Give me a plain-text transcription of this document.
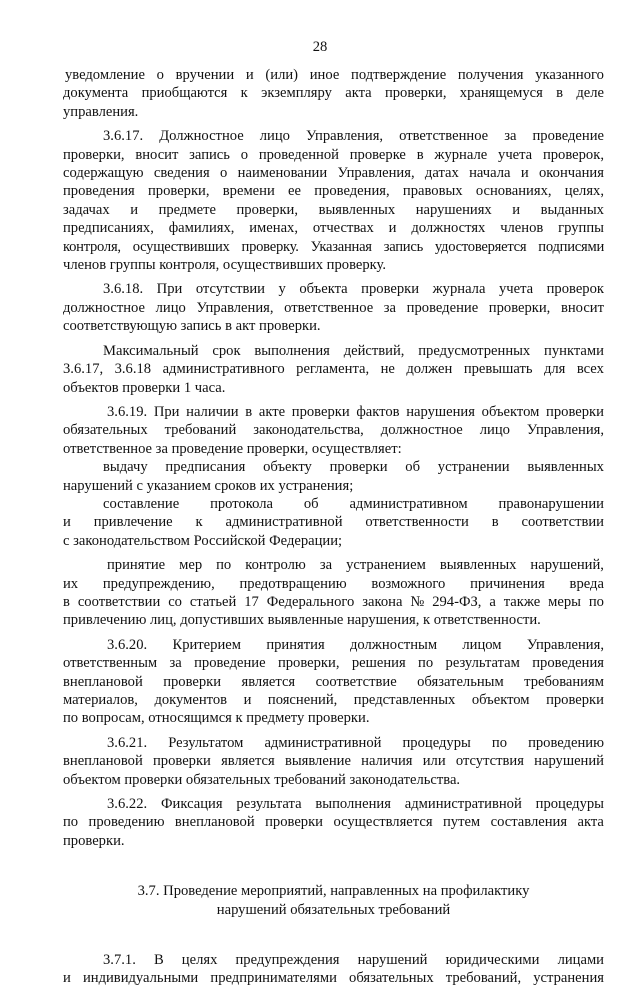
28
уведомление о вручении и (или) иное подтверждение получения указанного
документа приобщаются к экземпляру акта проверки, хранящемуся в деле
управления.
3.6.17. Должностное лицо Управления, ответственное за проведение
проверки, вносит запись о проведенной проверке в журнале учета проверок,
содержащую сведения о наименовании Управления, датах начала и окончания
проведения проверки, времени ее проведения, правовых основаниях, целях,
задачах и предмете проверки, выявленных нарушениях и выданных
предписаниях, фамилиях, именах, отчествах и должностях членов группы
контроля, осуществивших проверку. Указанная запись удостоверяется подписями
членов группы контроля, осуществивших проверку.
3.6.18. При отсутствии у объекта проверки журнала учета проверок
должностное лицо Управления, ответственное за проведение проверки, вносит
соответствующую запись в акт проверки.
Максимальный срок выполнения действий, предусмотренных пунктами
3.6.17, 3.6.18 административного регламента, не должен превышать для всех
объектов проверки 1 часа.
3.6.19. При наличии в акте проверки фактов нарушения объектом проверки
обязательных требований законодательства, должностное лицо Управления,
ответственное за проведение проверки, осуществляет:
выдачу предписания объекту проверки об устранении выявленных
нарушений с указанием сроков их устранения;
составление протокола об административном правонарушении
и привлечение к административной ответственности в соответствии
с законодательством Российской Федерации;
принятие мер по контролю за устранением выявленных нарушений,
их предупреждению, предотвращению возможного причинения вреда
в соответствии со статьей 17 Федерального закона № 294-ФЗ, а также меры по
привлечению лиц, допустивших выявленные нарушения, к ответственности.
3.6.20. Критерием принятия должностным лицом Управления,
ответственным за проведение проверки, решения по результатам проведения
внеплановой проверки является соответствие обязательным требованиям
материалов, документов и пояснений, представленных объектом проверки
по вопросам, относящимся к предмету проверки.
3.6.21. Результатом административной процедуры по проведению
внеплановой проверки является выявление наличия или отсутствия нарушений
объектом проверки обязательных требований законодательства.
3.6.22. Фиксация результата выполнения административной процедуры
по проведению внеплановой проверки осуществляется путем составления акта
проверки.
3.7. Проведение мероприятий, направленных на профилактику
нарушений обязательных требований
3.7.1. В целях предупреждения нарушений юридическими лицами
и индивидуальными предпринимателями обязательных требований, устранения
